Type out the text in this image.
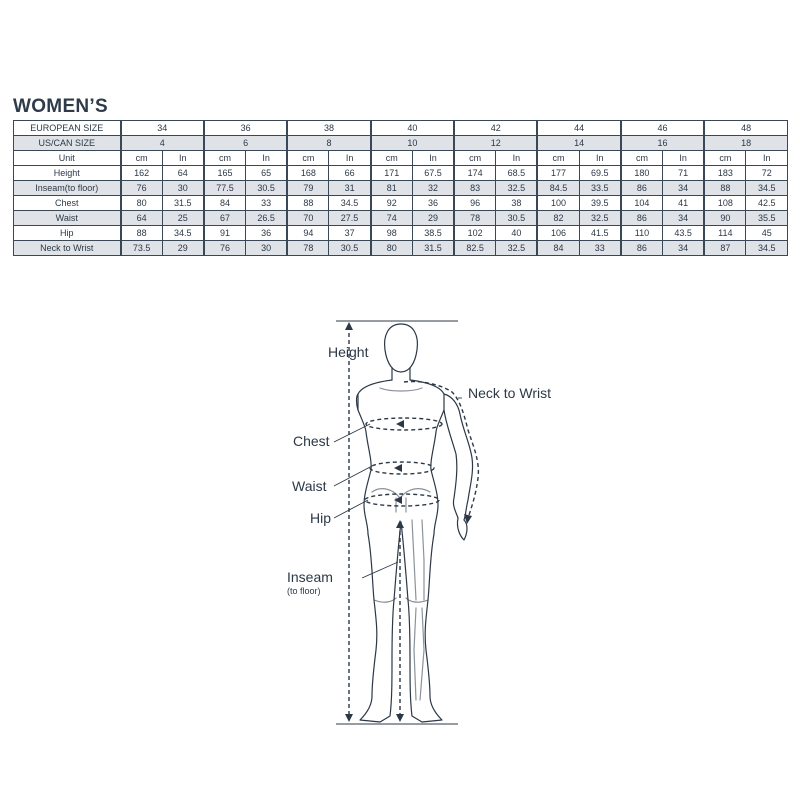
WOMEN’S
EUROPEAN SIZE	34		36		38		40		42		44		46		48	
US/CAN SIZE	4		6		8		10		12		14		16		18	
Unit	cm	In	cm	In	cm	In	cm	In	cm	In	cm	In	cm	In	cm	In
Height	162	64	165	65	168	66	171	67.5	174	68.5	177	69.5	180	71	183	72
Inseam(to floor)	76	30	77.5	30.5	79	31	81	32	83	32.5	84.5	33.5	86	34	88	34.5
Chest	80	31.5	84	33	88	34.5	92	36	96	38	100	39.5	104	41	108	42.5
Waist	64	25	67	26.5	70	27.5	74	29	78	30.5	82	32.5	86	34	90	35.5
Hip	88	34.5	91	36	94	37	98	38.5	102	40	106	41.5	110	43.5	114	45
Neck to Wrist	73.5	29	76	30	78	30.5	80	31.5	82.5	32.5	84	33	86	34	87	34.5
Height
Neck to Wrist
Chest
Waist
Hip
Inseam
(to floor)
